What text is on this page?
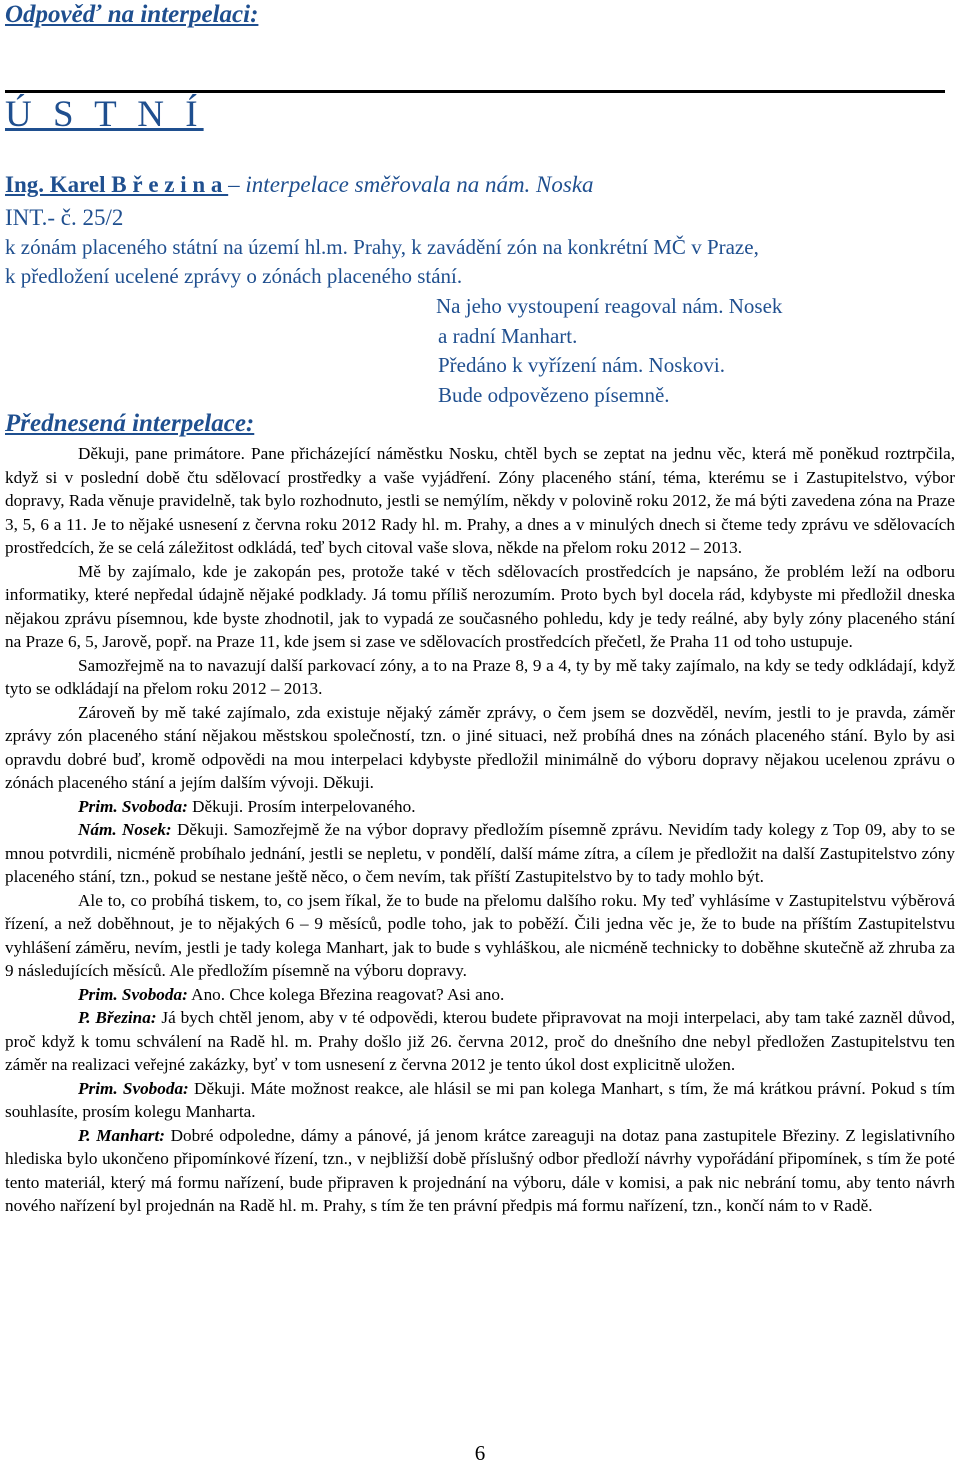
Odpověď na interpelaci:
Ú S T N Í
Ing. Karel B ř e z i n a – interpelace směřovala na nám. Noska
INT.- č. 25/2
k zónám placeného státní na území hl.m. Prahy, k zavádění zón na konkrétní MČ v Praze,
k předložení ucelené zprávy o zónách placeného stání.
Na jeho vystoupení reagoval nám. Nosek
a radní Manhart.
Předáno k vyřízení nám. Noskovi.
Bude odpovězeno písemně.
Přednesená interpelace:

Děkuji, pane primátore. Pane přicházející náměstku Nosku, chtěl bych se zeptat na jednu věc, která mě poněkud roztrpčila, když si v poslední době čtu sdělovací prostředky a vaše vyjádření. Zóny placeného stání, téma, kterému se i Zastupitelstvo, výbor dopravy, Rada věnuje pravidelně, tak bylo rozhodnuto, jestli se nemýlím, někdy v polovině roku 2012, že má býti zavedena zóna na Praze 3, 5, 6 a 11. Je to nějaké usnesení z června roku 2012 Rady hl. m. Prahy, a dnes a v minulých dnech si čteme tedy zprávu ve sdělovacích prostředcích, že se celá záležitost odkládá, teď bych citoval vaše slova, někde na přelom roku 2012 – 2013.

Mě by zajímalo, kde je zakopán pes, protože také v těch sdělovacích prostředcích je napsáno, že problém leží na odboru informatiky, které nepředal údajně nějaké podklady. Já tomu příliš nerozumím. Proto bych byl docela rád, kdybyste mi předložil dneska nějakou zprávu písemnou, kde byste zhodnotil, jak to vypadá ze současného pohledu, kdy je tedy reálné, aby byly zóny placeného stání na Praze 6, 5, Jarově, popř. na Praze 11, kde jsem si zase ve sdělovacích prostředcích přečetl, že Praha 11 od toho ustupuje.

Samozřejmě na to navazují další parkovací zóny, a to na Praze 8, 9 a 4, ty by mě taky zajímalo, na kdy se tedy odkládají, když tyto se odkládají na přelom roku 2012 – 2013.

Zároveň by mě také zajímalo, zda existuje nějaký záměr zprávy, o čem jsem se dozvěděl, nevím, jestli to je pravda, záměr zprávy zón placeného stání nějakou městskou společností, tzn. o jiné situaci, než probíhá dnes na zónách placeného stání. Bylo by asi opravdu dobré buď, kromě odpovědi na mou interpelaci kdybyste předložil minimálně do výboru dopravy nějakou ucelenou zprávu o zónách placeného stání a jejím dalším vývoji. Děkuji.

Prim. Svoboda: Děkuji. Prosím interpelovaného.

Nám. Nosek: Děkuji. Samozřejmě že na výbor dopravy předložím písemně zprávu. Nevidím tady kolegy z Top 09, aby to se mnou potvrdili, nicméně probíhalo jednání, jestli se nepletu, v pondělí, další máme zítra, a cílem je předložit na další Zastupitelstvo zóny placeného stání, tzn., pokud se nestane ještě něco, o čem nevím, tak příští Zastupitelstvo by to tady mohlo být.

Ale to, co probíhá tiskem, to, co jsem říkal, že to bude na přelomu dalšího roku. My teď vyhlásíme v Zastupitelstvu výběrová řízení, a než doběhnout, je to nějakých 6 – 9 měsíců, podle toho, jak to poběží. Čili jedna věc je, že to bude na příštím Zastupitelstvu vyhlášení záměru, nevím, jestli je tady kolega Manhart, jak to bude s vyhláškou, ale nicméně technicky to doběhne skutečně až zhruba za 9 následujících měsíců. Ale předložím písemně na výboru dopravy.

Prim. Svoboda: Ano. Chce kolega Březina reagovat? Asi ano.

P. Březina: Já bych chtěl jenom, aby v té odpovědi, kterou budete připravovat na moji interpelaci, aby tam také zazněl důvod, proč když k tomu schválení na Radě hl. m. Prahy došlo již 26. června 2012, proč do dnešního dne nebyl předložen Zastupitelstvu ten záměr na realizaci veřejné zakázky, byť v tom usnesení z června 2012 je tento úkol dost explicitně uložen.

Prim. Svoboda: Děkuji. Máte možnost reakce, ale hlásil se mi pan kolega Manhart, s tím, že má krátkou právní. Pokud s tím souhlasíte, prosím kolegu Manharta.

P. Manhart: Dobré odpoledne, dámy a pánové, já jenom krátce zareaguji na dotaz pana zastupitele Březiny. Z legislativního hlediska bylo ukončeno připomínkové řízení, tzn., v nejbližší době příslušný odbor předloží návrhy vypořádání připomínek, s tím že poté tento materiál, který má formu nařízení, bude připraven k projednání na výboru, dále v komisi, a pak nic nebrání tomu, aby tento návrh nového nařízení byl projednán na Radě hl. m. Prahy, s tím že ten právní předpis má formu nařízení, tzn., končí nám to v Radě.

6
